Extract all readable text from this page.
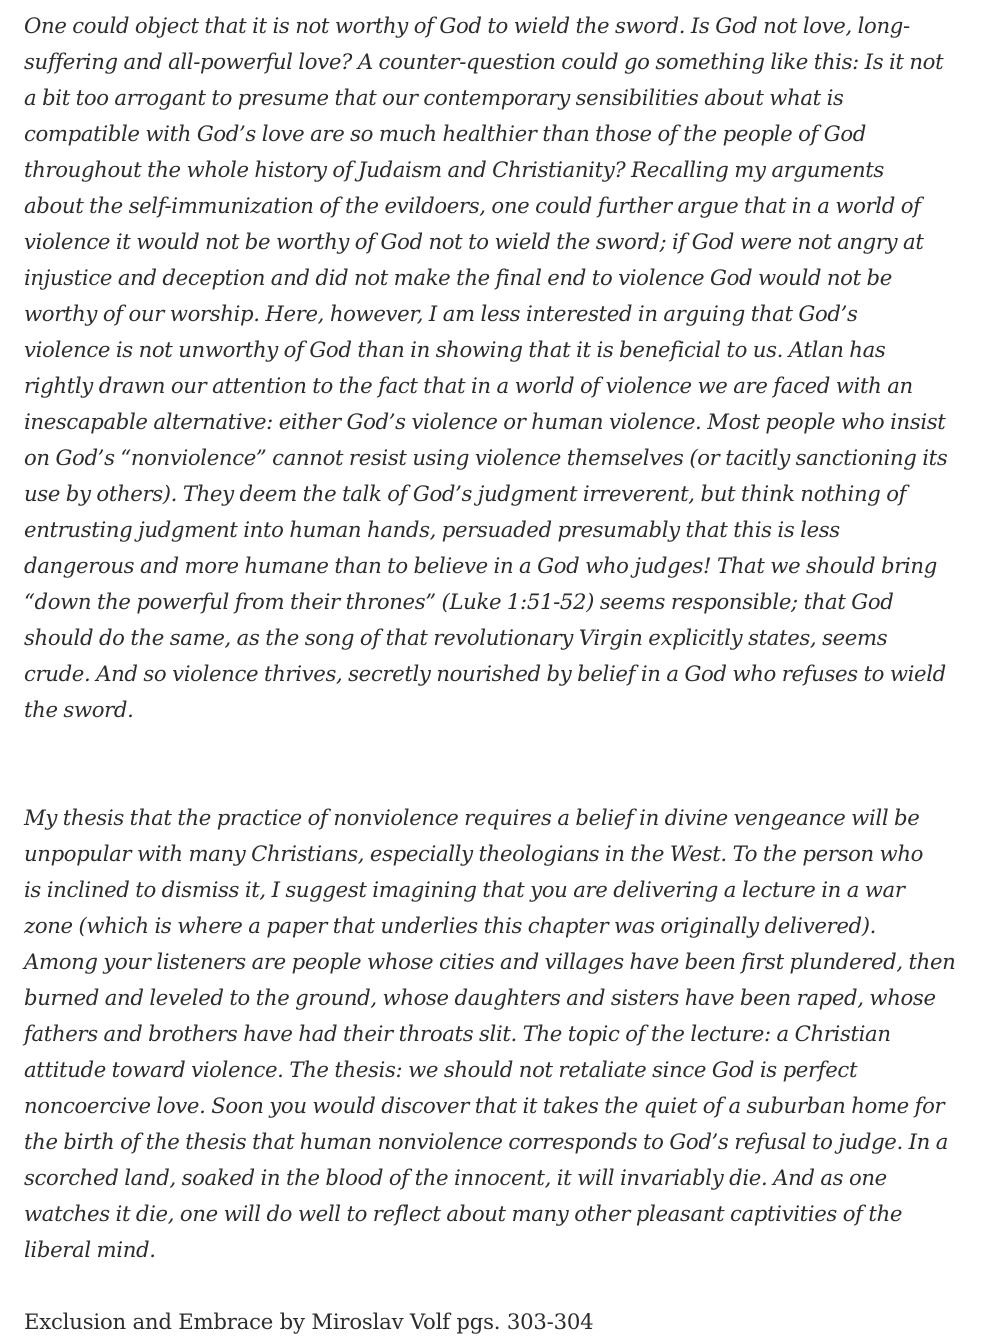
One could object that it is not worthy of God to wield the sword. Is God not love, long-
suffering and all-powerful love? A counter-question could go something like this: Is it not
a bit too arrogant to presume that our contemporary sensibilities about what is
compatible with God’s love are so much healthier than those of the people of God
throughout the whole history of Judaism and Christianity? Recalling my arguments
about the self-immunization of the evildoers, one could further argue that in a world of
violence it would not be worthy of God not to wield the sword; if God were not angry at
injustice and deception and did not make the final end to violence God would not be
worthy of our worship. Here, however, I am less interested in arguing that God’s
violence is not unworthy of God than in showing that it is beneficial to us. Atlan has
rightly drawn our attention to the fact that in a world of violence we are faced with an
inescapable alternative: either God’s violence or human violence. Most people who insist
on God’s “nonviolence” cannot resist using violence themselves (or tacitly sanctioning its
use by others). They deem the talk of God’s judgment irreverent, but think nothing of
entrusting judgment into human hands, persuaded presumably that this is less
dangerous and more humane than to believe in a God who judges! That we should bring
“down the powerful from their thrones” (Luke 1:51-52) seems responsible; that God
should do the same, as the song of that revolutionary Virgin explicitly states, seems
crude. And so violence thrives, secretly nourished by belief in a God who refuses to wield
the sword.

My thesis that the practice of nonviolence requires a belief in divine vengeance will be
unpopular with many Christians, especially theologians in the West. To the person who
is inclined to dismiss it, I suggest imagining that you are delivering a lecture in a war
zone (which is where a paper that underlies this chapter was originally delivered).
Among your listeners are people whose cities and villages have been first plundered, then
burned and leveled to the ground, whose daughters and sisters have been raped, whose
fathers and brothers have had their throats slit. The topic of the lecture: a Christian
attitude toward violence. The thesis: we should not retaliate since God is perfect
noncoercive love. Soon you would discover that it takes the quiet of a suburban home for
the birth of the thesis that human nonviolence corresponds to God’s refusal to judge. In a
scorched land, soaked in the blood of the innocent, it will invariably die. And as one
watches it die, one will do well to reflect about many other pleasant captivities of the
liberal mind.

Exclusion and Embrace by Miroslav Volf pgs. 303-304
